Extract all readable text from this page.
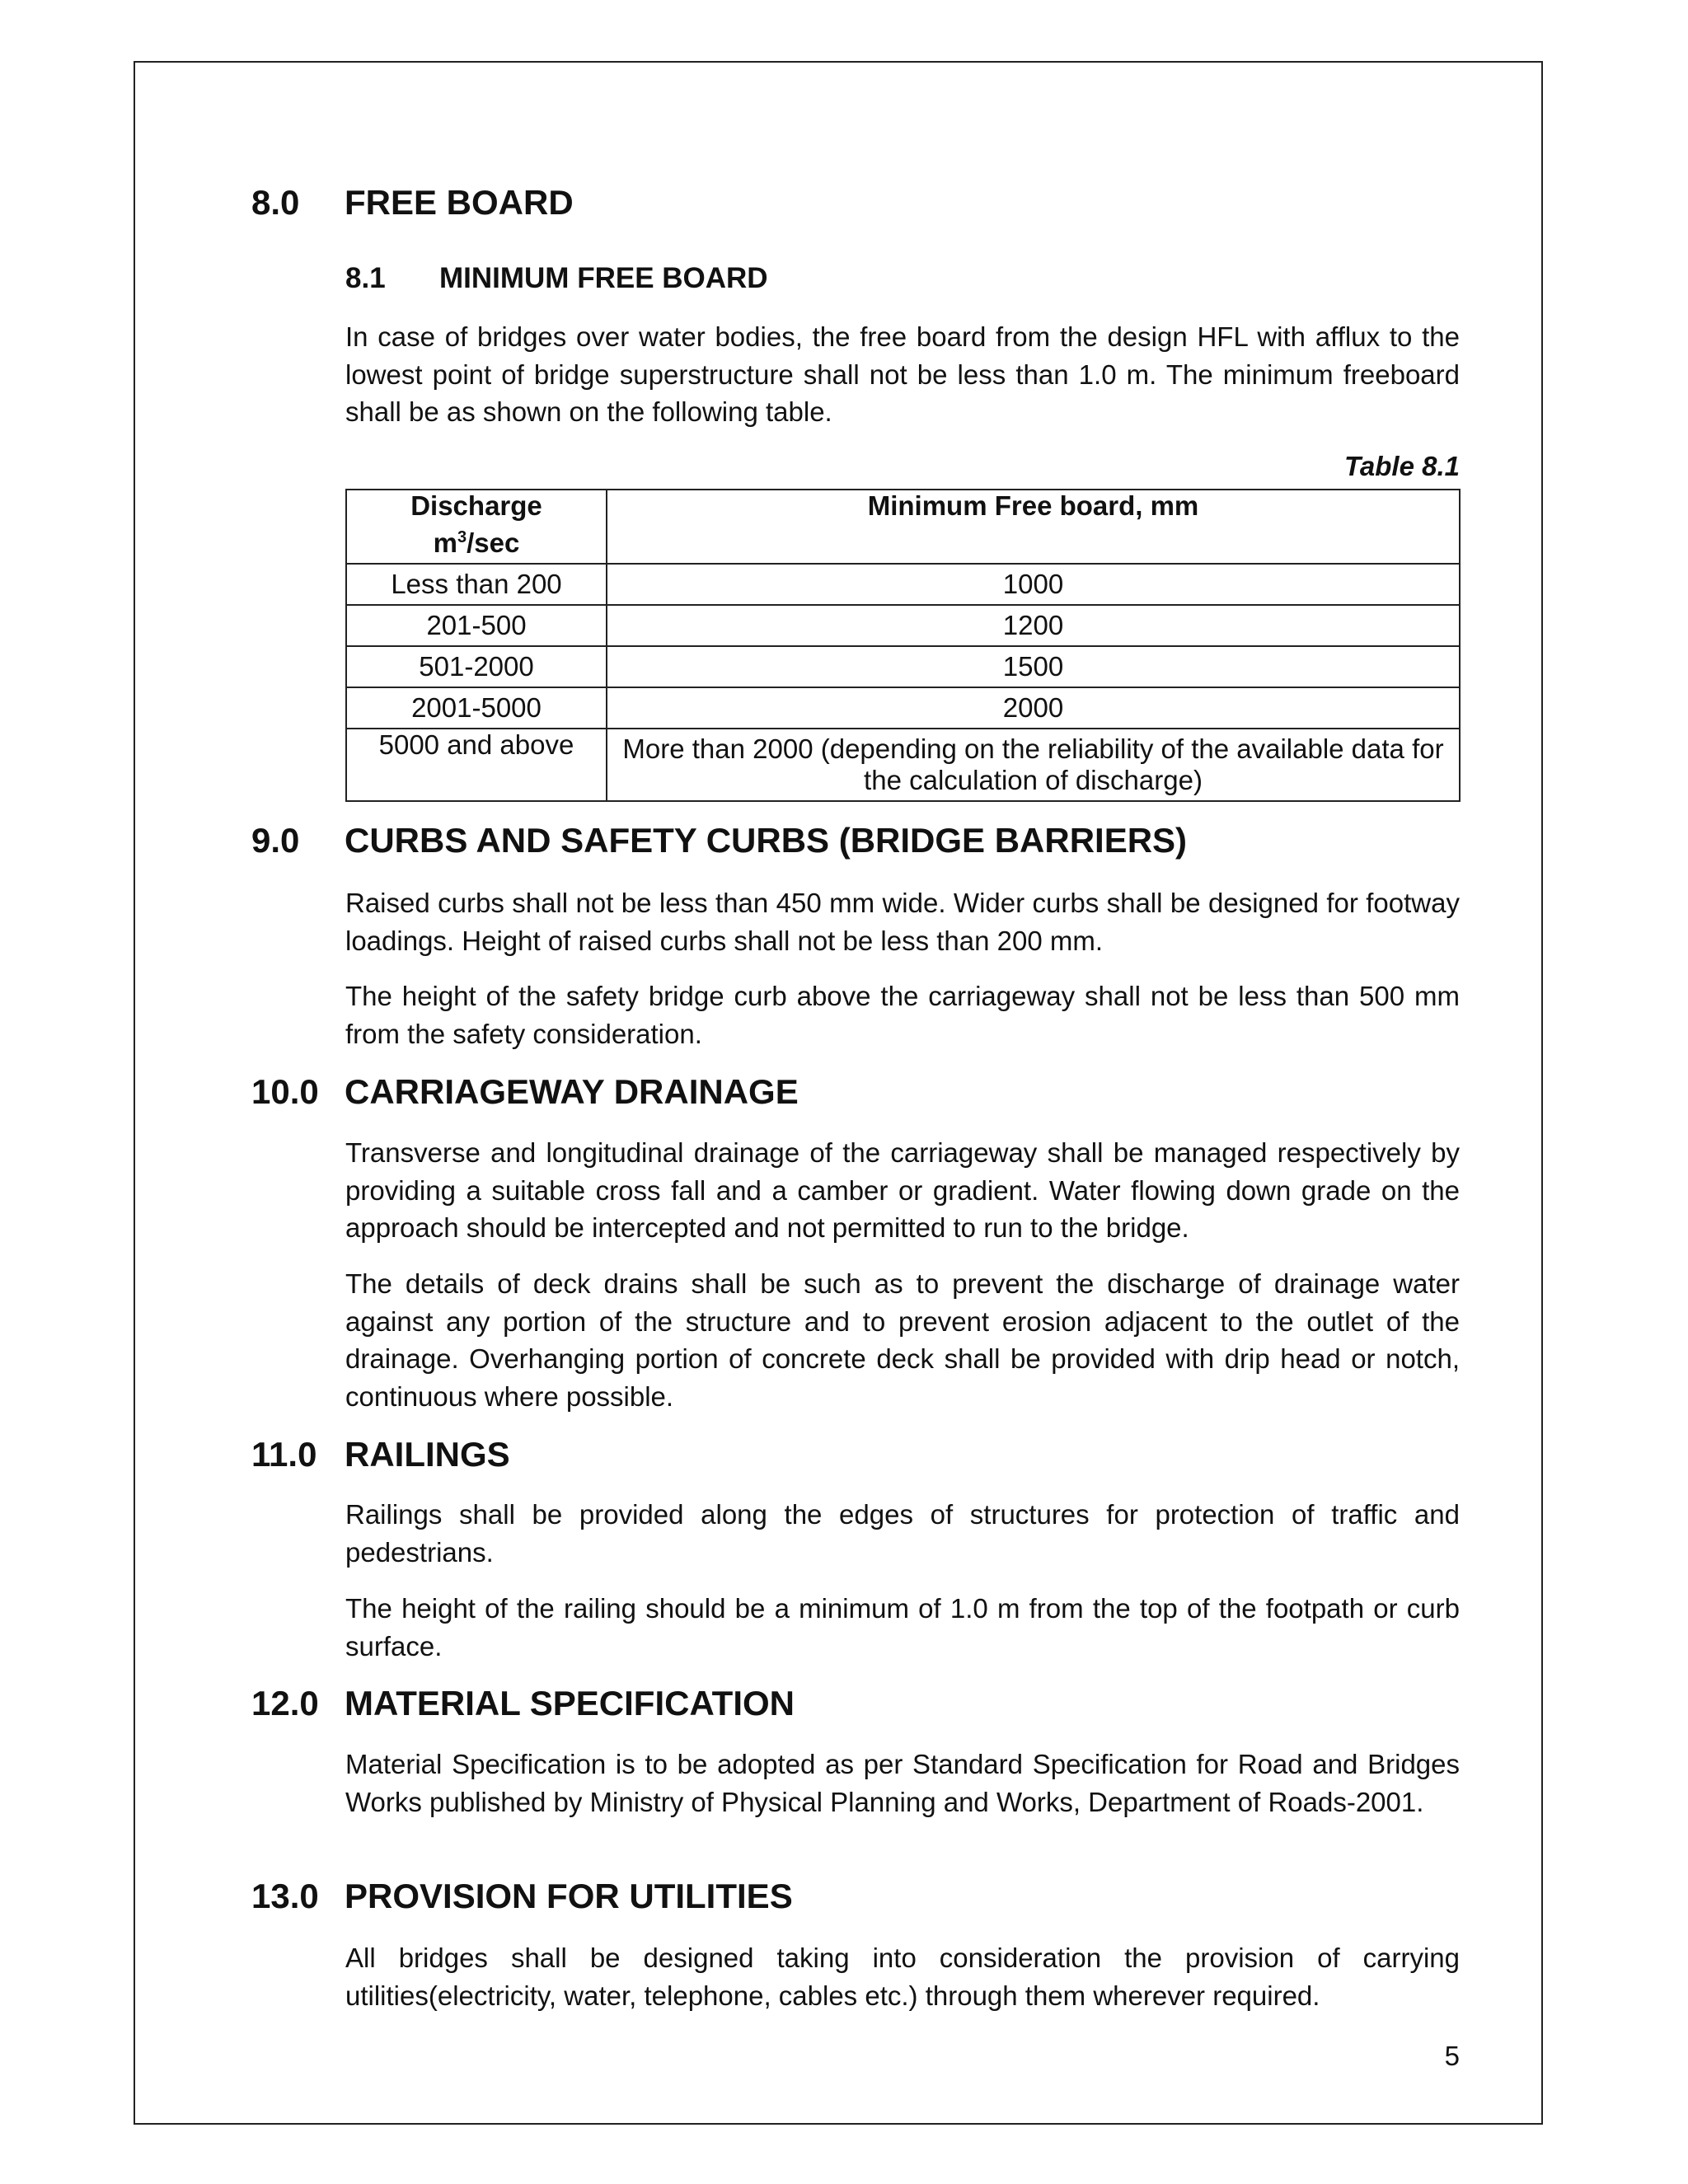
8.0 FREE BOARD
8.1 MINIMUM FREE BOARD
In case of bridges over water bodies, the free board from the design HFL with afflux to the lowest point of bridge superstructure shall not be less than 1.0 m. The minimum freeboard shall be as shown on the following table.
Table 8.1
Discharge
$m^3/\sec$	Minimum Free board, mm
Less than 200	1000
201-500	1200
501-2000	1500
2001-5000	2000
5000 and above	More than 2000 (depending on the reliability of the available data for the calculation of discharge)
9.0 CURBS AND SAFETY CURBS (BRIDGE BARRIERS)
Raised curbs shall not be less than 450 mm wide. Wider curbs shall be designed for footway loadings. Height of raised curbs shall not be less than 200 mm.
The height of the safety bridge curb above the carriageway shall not be less than 500 mm from the safety consideration.
10.0 CARRIAGEWAY DRAINAGE
Transverse and longitudinal drainage of the carriageway shall be managed respectively by providing a suitable cross fall and a camber or gradient. Water flowing down grade on the approach should be intercepted and not permitted to run to the bridge.
The details of deck drains shall be such as to prevent the discharge of drainage water against any portion of the structure and to prevent erosion adjacent to the outlet of the drainage. Overhanging portion of concrete deck shall be provided with drip head or notch, continuous where possible.
11.0 RAILINGS
Railings shall be provided along the edges of structures for protection of traffic and pedestrians.
The height of the railing should be a minimum of 1.0 m from the top of the footpath or curb surface.
12.0 MATERIAL SPECIFICATION
Material Specification is to be adopted as per Standard Specification for Road and Bridges Works published by Ministry of Physical Planning and Works, Department of Roads-2001.
13.0 PROVISION FOR UTILITIES
All bridges shall be designed taking into consideration the provision of carrying utilities(electricity, water, telephone, cables etc.) through them wherever required.
5
